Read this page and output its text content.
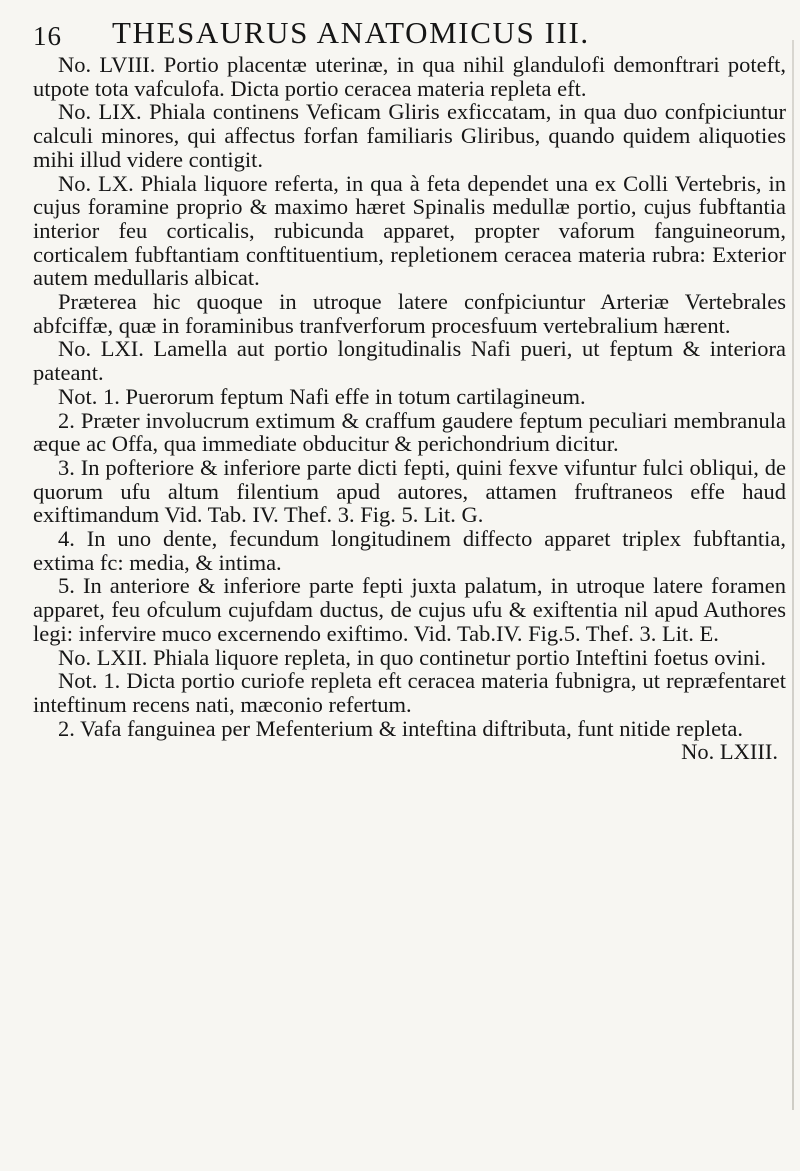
16 THESAURUS ANATOMICUS III.

No. LVIII. Portio placentæ uterinæ, in qua nihil glandulofi demonftrari poteft, utpote tota vafculofa. Dicta portio ceracea materia repleta eft.

No. LIX. Phiala continens Veficam Gliris exficcatam, in qua duo confpiciuntur calculi minores, qui affectus forfan familiaris Gliribus, quando quidem aliquoties mihi illud videre contigit.

No. LX. Phiala liquore referta, in qua à feta dependet una ex Colli Vertebris, in cujus foramine proprio & maximo hæret Spinalis medullæ portio, cujus fubftantia interior feu corticalis, rubicunda apparet, propter vaforum fanguineorum, corticalem fubftantiam conftituentium, repletionem ceracea materia rubra: Exterior autem medullaris albicat.

Præterea hic quoque in utroque latere confpiciuntur Arteriæ Vertebrales abfciffæ, quæ in foraminibus tranfverforum procesfuum vertebralium hærent.

No. LXI. Lamella aut portio longitudinalis Nafi pueri, ut feptum & interiora pateant.

Not. 1. Puerorum feptum Nafi effe in totum cartilagineum.

2. Præter involucrum extimum & craffum gaudere feptum peculiari membranula æque ac Offa, qua immediate obducitur & perichondrium dicitur.

3. In pofteriore & inferiore parte dicti fepti, quini fexve vifuntur fulci obliqui, de quorum ufu altum filentium apud autores, attamen fruftraneos effe haud exiftimandum Vid. Tab. IV. Thef. 3. Fig. 5. Lit. G.

4. In uno dente, fecundum longitudinem diffecto apparet triplex fubftantia, extima fc: media, & intima.

5. In anteriore & inferiore parte fepti juxta palatum, in utroque latere foramen apparet, feu ofculum cujufdam ductus, de cujus ufu & exiftentia nil apud Authores legi: infervire muco excernendo exiftimo. Vid. Tab.IV. Fig.5. Thef. 3. Lit. E.

No. LXII. Phiala liquore repleta, in quo continetur portio Inteftini foetus ovini.

Not. 1. Dicta portio curiofe repleta eft ceracea materia fubnigra, ut repræfentaret inteftinum recens nati, mæconio refertum.

2. Vafa fanguinea per Mefenterium & inteftina diftributa, funt nitide repleta.

No. LXIII.
